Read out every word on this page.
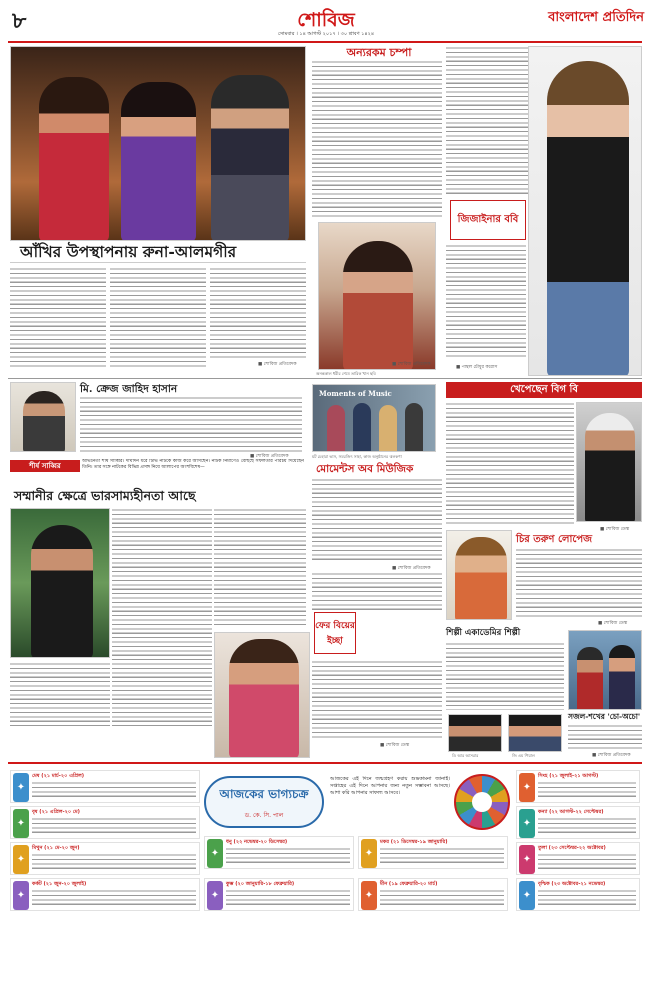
৮	শোবিজ
সোমবার । ১৪ আগস্ট ২০১৭ । ৩০ শ্রাবণ ১৪২৪
বাংলাদেশ প্রতিদিন
আঁখির উপস্থাপনায় রুনা-আলমগীর
■ শোবিজ প্রতিবেদক
অন্যরকম চম্পা
অনন্তকাল ধরীর শেষে তারিক খান ছবি
■ শোবিজ প্রতিবেদক
জিজাইনার ববি
■ পান্থল চৌধুর করোস
মি. ক্রেজ জাহিদ হাসান
■ শোবিজ প্রতিবেদক
শীর্ষ সাব্বির	অভিনেতা শীর্ষ সাব্বির। দীর্ঘদিন ধরে টিভি নাটকে কাজ করে আসছেন। নাটক নির্মাণেও বেছিছে সফলতার পরিচয় দিয়েছেন তিনি। তার সঙ্গে নাটকের বিভিন্ন প্রসঙ্গ নিয়ে আলাপের অংশবিশেষ—
সম্মানীর ক্ষেত্রে ভারসাম্যহীনতা আছে
Moments of Music
মট চেহারা ভাস, সমরজিৎ সাহা, কাজ অনুষ্ঠানের ঝলকণা
মোমেন্টস অব মিউজিক
■ শোবিজ প্রতিবেদক
খেপেছেন বিগ বি
■ শোবিজ ডেস্ক
চির তরুণ লোপেজ
■ শোবিজ ডেস্ক
ফের বিয়ের ইচ্ছা
■ শোবিজ ডেস্ক
শিল্পী একাডেমির শিল্পী
ডি আর আসরার	জি এম পিয়াল
সজল-শখের 'চো-অচো'
■ শোবিজ প্রতিবেদক
আজকের ভাগ্যচক্র
ড. কে. সি. পাল
আজকের এই দিনে জন্মগ্রহণ করায় শুভকামনা জানাই। সপ্তাহের এই দিনে আপনার জন্য নতুন সম্ভাবনা আসছে। আশা করি আপনার সাফল্য আসবে।
✦
মেষ (২১ মার্চ-২০ এপ্রিল)
✦
বৃষ (২১ এপ্রিল-২০ মে)
✦
মিথুন (২১ মে-২০ জুন)
✦
কর্কট (২১ জুন-২০ জুলাই)
✦
সিংহ (২১ জুলাই-২১ আগস্ট)
✦
কন্যা (২২ আগস্ট-২২ সেপ্টেম্বর)
✦
তুলা (২৩ সেপ্টেম্বর-২২ অক্টোবর)
✦
বৃশ্চিক (২৩ অক্টোবর-২১ নভেম্বর)
✦
ধনু (২২ নভেম্বর-২০ ডিসেম্বর)
✦
মকর (২১ ডিসেম্বর-১৯ জানুয়ারি)
✦
কুম্ভ (২০ জানুয়ারি-১৮ ফেব্রুয়ারি)
✦
মীন (১৯ ফেব্রুয়ারি-২০ মার্চ)
